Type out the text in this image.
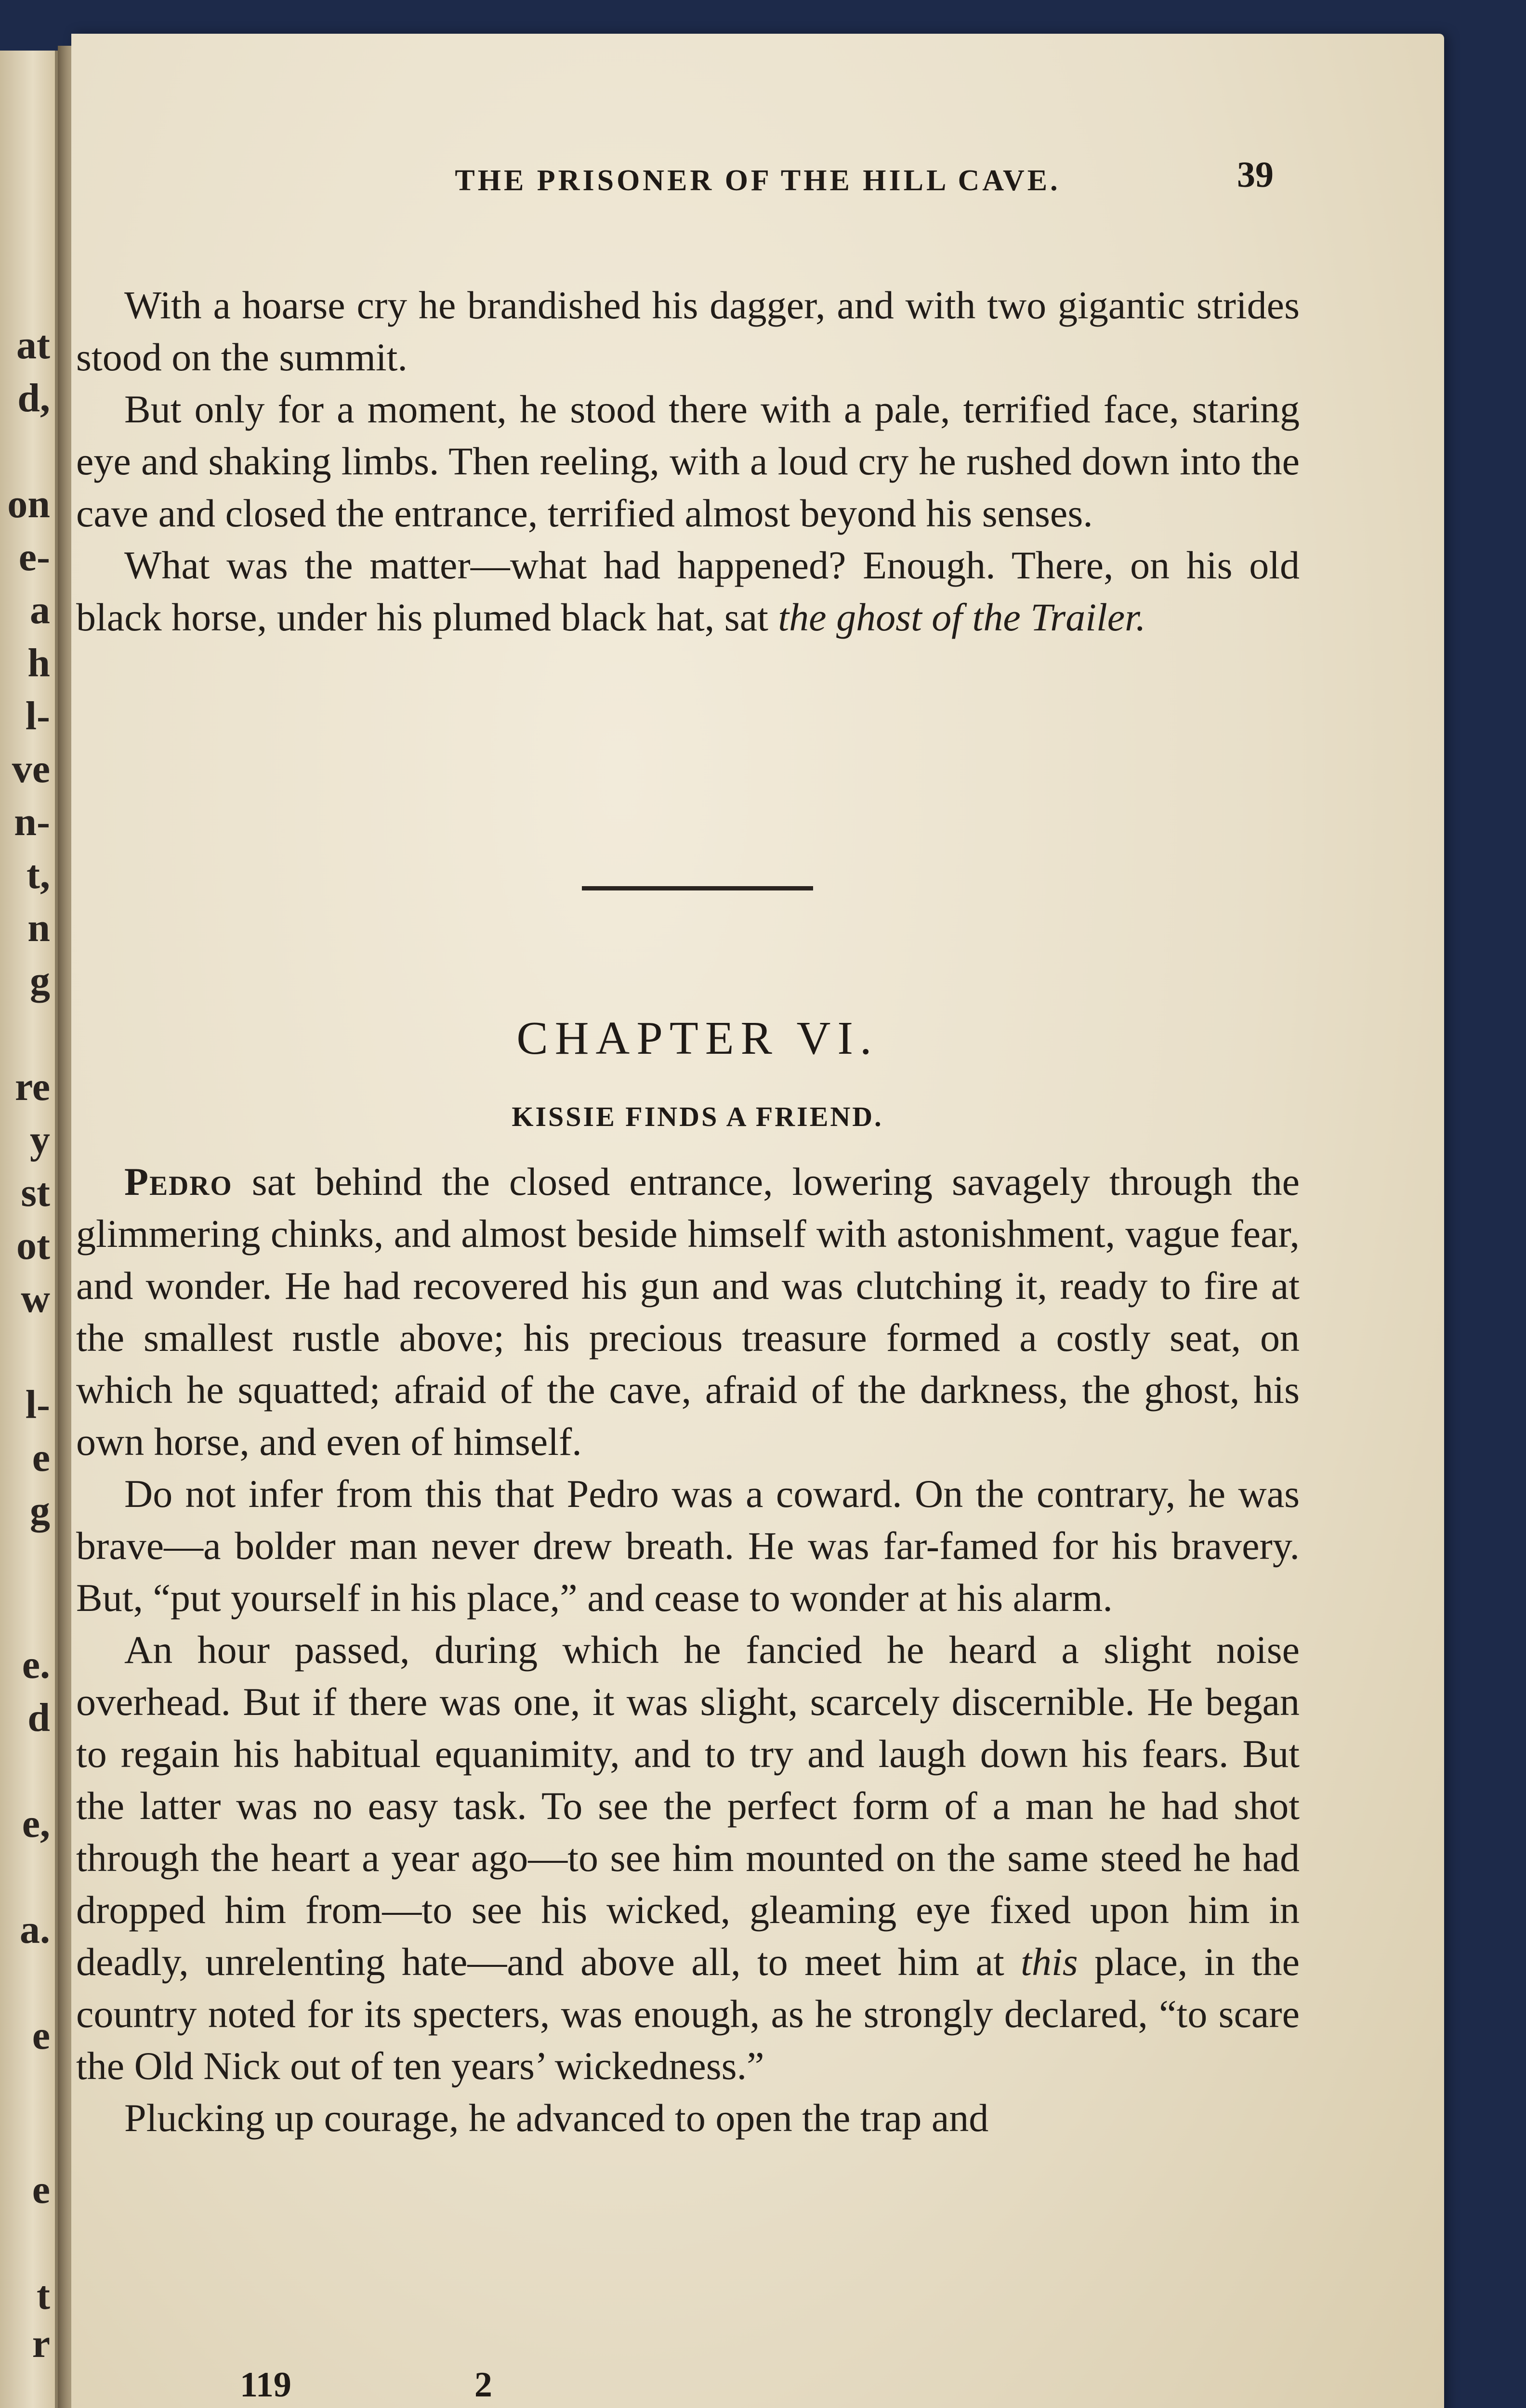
at
d,
on
e-
a
h
l-
ve
n-
t,
n
g
re
y
st
ot
w
l-
e
g
e.
d
e,
a.
e
e
t
r
THE PRISONER OF THE HILL CAVE.	39

With a hoarse cry he brandished his dagger, and with two gigantic strides stood on the summit.

But only for a moment, he stood there with a pale, terrified face, staring eye and shaking limbs. Then reeling, with a loud cry he rushed down into the cave and closed the entrance, terrified almost beyond his senses.

What was the matter—what had happened? Enough. There, on his old black horse, under his plumed black hat, sat the ghost of the Trailer.

CHAPTER VI.
KISSIE FINDS A FRIEND.

Pedro sat behind the closed entrance, lowering savagely through the glimmering chinks, and almost beside himself with astonishment, vague fear, and wonder. He had recovered his gun and was clutching it, ready to fire at the smallest rustle above; his precious treasure formed a costly seat, on which he squatted; afraid of the cave, afraid of the darkness, the ghost, his own horse, and even of himself.

Do not infer from this that Pedro was a coward. On the contrary, he was brave—a bolder man never drew breath. He was far-famed for his bravery. But, “put yourself in his place,” and cease to wonder at his alarm.

An hour passed, during which he fancied he heard a slight noise overhead. But if there was one, it was slight, scarcely discernible. He began to regain his habitual equanimity, and to try and laugh down his fears. But the latter was no easy task. To see the perfect form of a man he had shot through the heart a year ago—to see him mounted on the same steed he had dropped him from—to see his wicked, gleaming eye fixed upon him in deadly, unrelenting hate—and above all, to meet him at this place, in the country noted for its specters, was enough, as he strongly declared, “to scare the Old Nick out of ten years’ wickedness.”

Plucking up courage, he advanced to open the trap and

119	2
